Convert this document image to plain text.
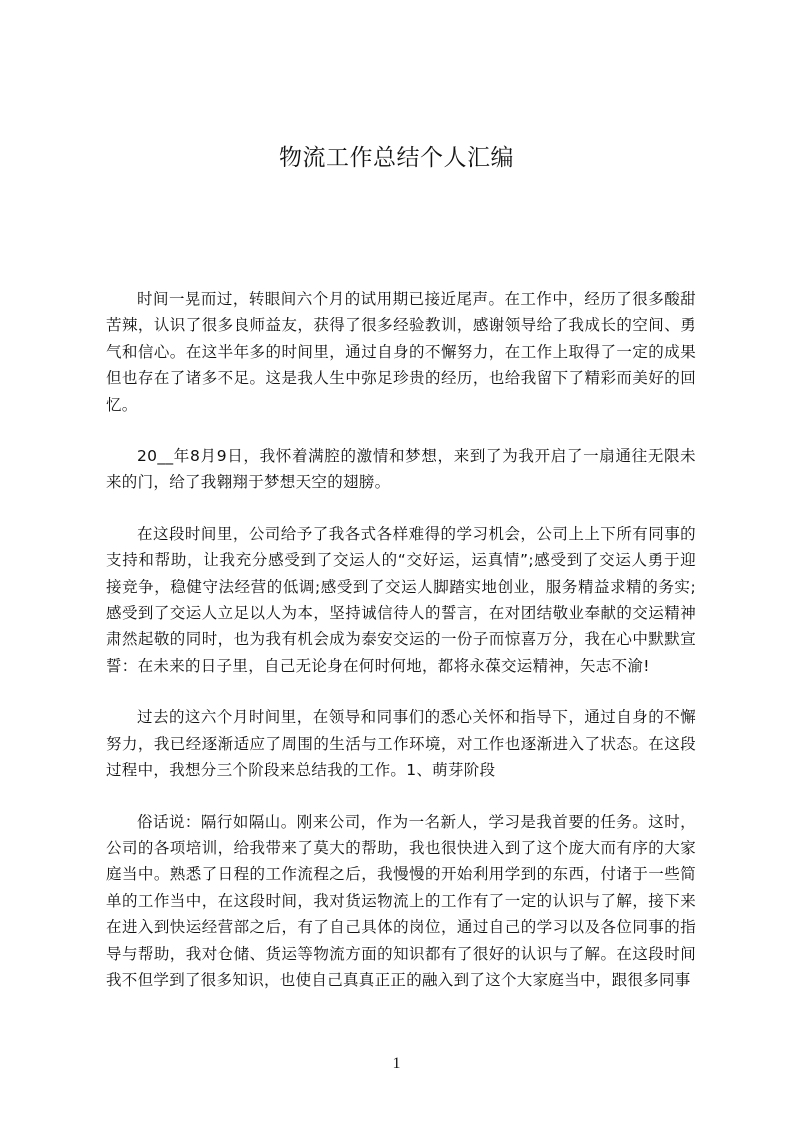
物流工作总结个人汇编

时间一晃而过，转眼间六个月的试用期已接近尾声。在工作中，经历了很多酸甜苦辣，认识了很多良师益友，获得了很多经验教训，感谢领导给了我成长的空间、勇气和信心。在这半年多的时间里，通过自身的不懈努力，在工作上取得了一定的成果但也存在了诸多不足。这是我人生中弥足珍贵的经历，也给我留下了精彩而美好的回忆。

20__年8月9日，我怀着满腔的激情和梦想，来到了为我开启了一扇通往无限未来的门，给了我翱翔于梦想天空的翅膀。

在这段时间里，公司给予了我各式各样难得的学习机会，公司上上下所有同事的支持和帮助，让我充分感受到了交运人的“交好运，运真情”;感受到了交运人勇于迎接竞争，稳健守法经营的低调;感受到了交运人脚踏实地创业，服务精益求精的务实;感受到了交运人立足以人为本，坚持诚信待人的誓言，在对团结敬业奉献的交运精神肃然起敬的同时，也为我有机会成为泰安交运的一份子而惊喜万分，我在心中默默宣誓：在未来的日子里，自己无论身在何时何地，都将永葆交运精神，矢志不渝!

过去的这六个月时间里，在领导和同事们的悉心关怀和指导下，通过自身的不懈努力，我已经逐渐适应了周围的生活与工作环境，对工作也逐渐进入了状态。在这段过程中，我想分三个阶段来总结我的工作。1、萌芽阶段

俗话说：隔行如隔山。刚来公司，作为一名新人，学习是我首要的任务。这时，公司的各项培训，给我带来了莫大的帮助，我也很快进入到了这个庞大而有序的大家庭当中。熟悉了日程的工作流程之后，我慢慢的开始利用学到的东西，付诸于一些简单的工作当中，在这段时间，我对货运物流上的工作有了一定的认识与了解，接下来在进入到快运经营部之后，有了自己具体的岗位，通过自己的学习以及各位同事的指导与帮助，我对仓储、货运等物流方面的知识都有了很好的认识与了解。在这段时间我不但学到了很多知识，也使自己真真正正的融入到了这个大家庭当中，跟很多同事

1
